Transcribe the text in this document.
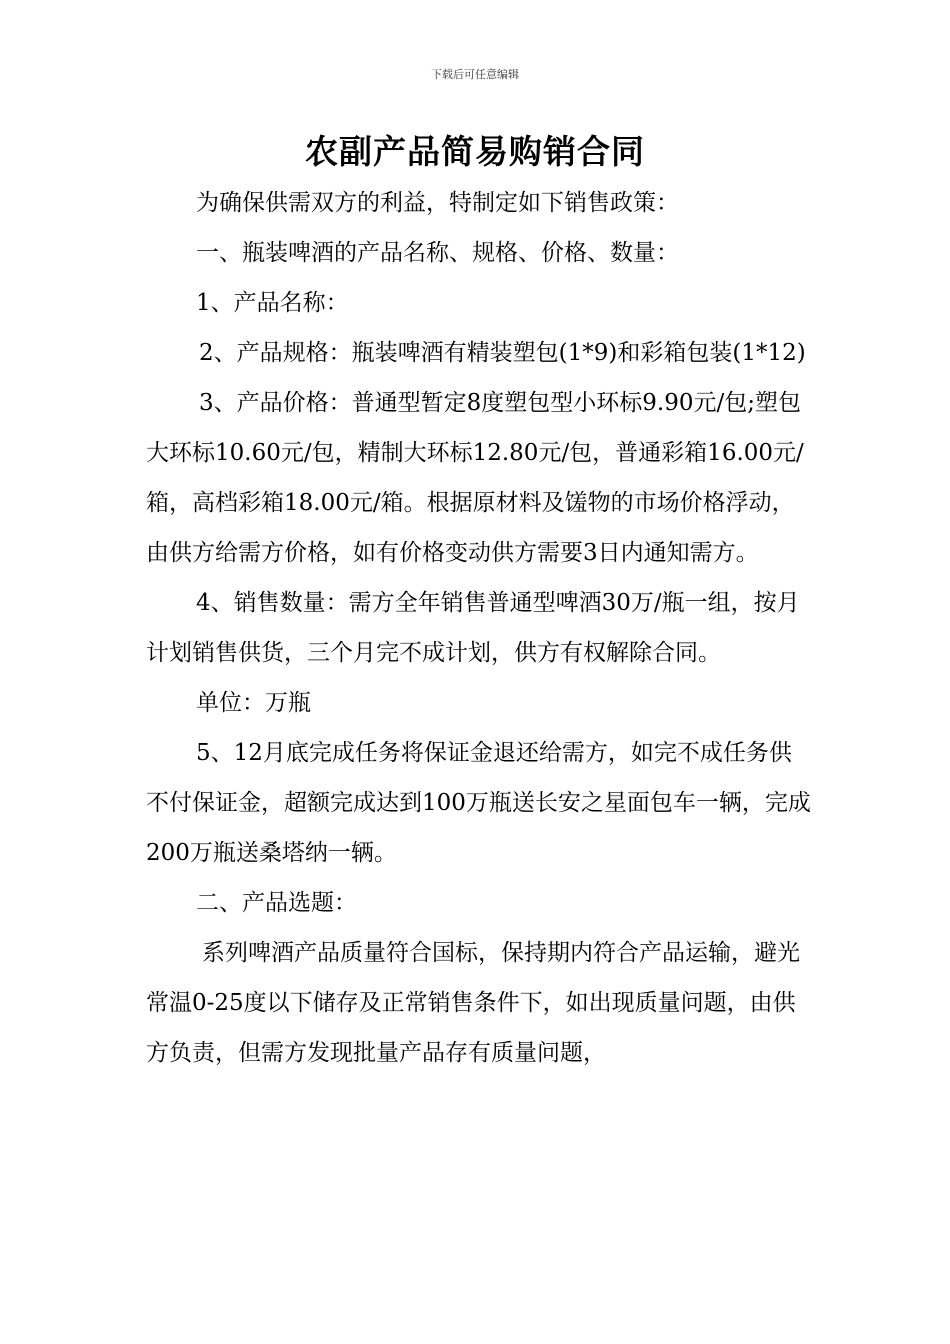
下载后可任意编辑
农副产品简易购销合同

为确保供需双方的利益，特制定如下销售政策：

一、瓶装啤酒的产品名称、规格、价格、数量：

1、产品名称：

2、产品规格：瓶装啤酒有精装塑包(1*9)和彩箱包装(1*12)

3、产品价格：普通型暂定8度塑包型小环标9.90元/包;塑包大环标10.60元/包，精制大环标12.80元/包，普通彩箱16.00元/箱，高档彩箱18.00元/箱。根据原材料及馐物的市场价格浮动，由供方给需方价格，如有价格变动供方需要3日内通知需方。

4、销售数量：需方全年销售普通型啤酒30万/瓶一组，按月计划销售供货，三个月完不成计划，供方有权解除合同。

单位：万瓶

5、12月底完成任务将保证金退还给需方，如完不成任务供不付保证金，超额完成达到100万瓶送长安之星面包车一辆，完成200万瓶送桑塔纳一辆。

二、产品选题：

系列啤酒产品质量符合国标，保持期内符合产品运输，避光常温0-25度以下储存及正常销售条件下，如出现质量问题，由供方负责，但需方发现批量产品存有质量问题，
